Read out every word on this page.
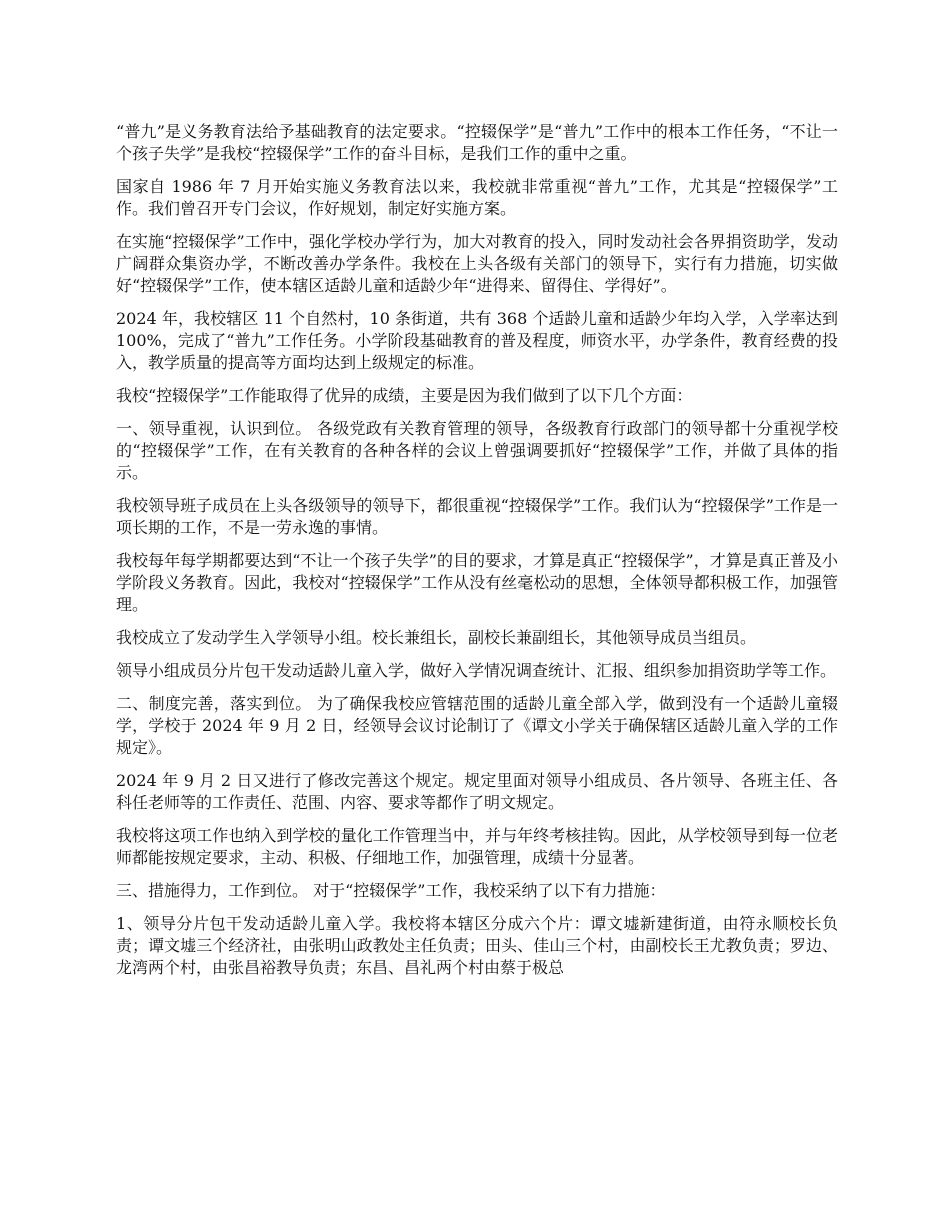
“普九”是义务教育法给予基础教育的法定要求。“控辍保学”是“普九”工作中的根本工作任务，“不让一个孩子失学”是我校“控辍保学”工作的奋斗目标，是我们工作的重中之重。

国家自 1986 年 7 月开始实施义务教育法以来，我校就非常重视“普九”工作，尤其是“控辍保学”工作。我们曾召开专门会议，作好规划，制定好实施方案。

在实施“控辍保学”工作中，强化学校办学行为，加大对教育的投入，同时发动社会各界捐资助学，发动广阔群众集资办学，不断改善办学条件。我校在上头各级有关部门的领导下，实行有力措施，切实做好“控辍保学”工作，使本辖区适龄儿童和适龄少年“进得来、留得住、学得好”。

2024 年，我校辖区 11 个自然村，10 条街道，共有 368 个适龄儿童和适龄少年均入学，入学率达到 100%，完成了“普九”工作任务。小学阶段基础教育的普及程度，师资水平，办学条件，教育经费的投入，教学质量的提高等方面均达到上级规定的标准。

我校“控辍保学”工作能取得了优异的成绩，主要是因为我们做到了以下几个方面：

一、领导重视，认识到位。 各级党政有关教育管理的领导，各级教育行政部门的领导都十分重视学校的“控辍保学”工作，在有关教育的各种各样的会议上曾强调要抓好“控辍保学”工作，并做了具体的指示。

我校领导班子成员在上头各级领导的领导下，都很重视“控辍保学”工作。我们认为“控辍保学”工作是一项长期的工作，不是一劳永逸的事情。

我校每年每学期都要达到“不让一个孩子失学”的目的要求，才算是真正“控辍保学”，才算是真正普及小学阶段义务教育。因此，我校对“控辍保学”工作从没有丝毫松动的思想，全体领导都积极工作，加强管理。

我校成立了发动学生入学领导小组。校长兼组长，副校长兼副组长，其他领导成员当组员。

领导小组成员分片包干发动适龄儿童入学，做好入学情况调查统计、汇报、组织参加捐资助学等工作。

二、制度完善，落实到位。 为了确保我校应管辖范围的适龄儿童全部入学，做到没有一个适龄儿童辍学，学校于 2024 年 9 月 2 日，经领导会议讨论制订了《谭文小学关于确保辖区适龄儿童入学的工作规定》。

2024 年 9 月 2 日又进行了修改完善这个规定。规定里面对领导小组成员、各片领导、各班主任、各科任老师等的工作责任、范围、内容、要求等都作了明文规定。

我校将这项工作也纳入到学校的量化工作管理当中，并与年终考核挂钩。因此，从学校领导到每一位老师都能按规定要求，主动、积极、仔细地工作，加强管理，成绩十分显著。

三、措施得力，工作到位。 对于“控辍保学”工作，我校采纳了以下有力措施：

1、领导分片包干发动适龄儿童入学。我校将本辖区分成六个片：谭文墟新建街道，由符永顺校长负责；谭文墟三个经济社，由张明山政教处主任负责；田头、佳山三个村，由副校长王尤教负责；罗边、龙湾两个村，由张昌裕教导负责；东昌、昌礼两个村由蔡于极总
